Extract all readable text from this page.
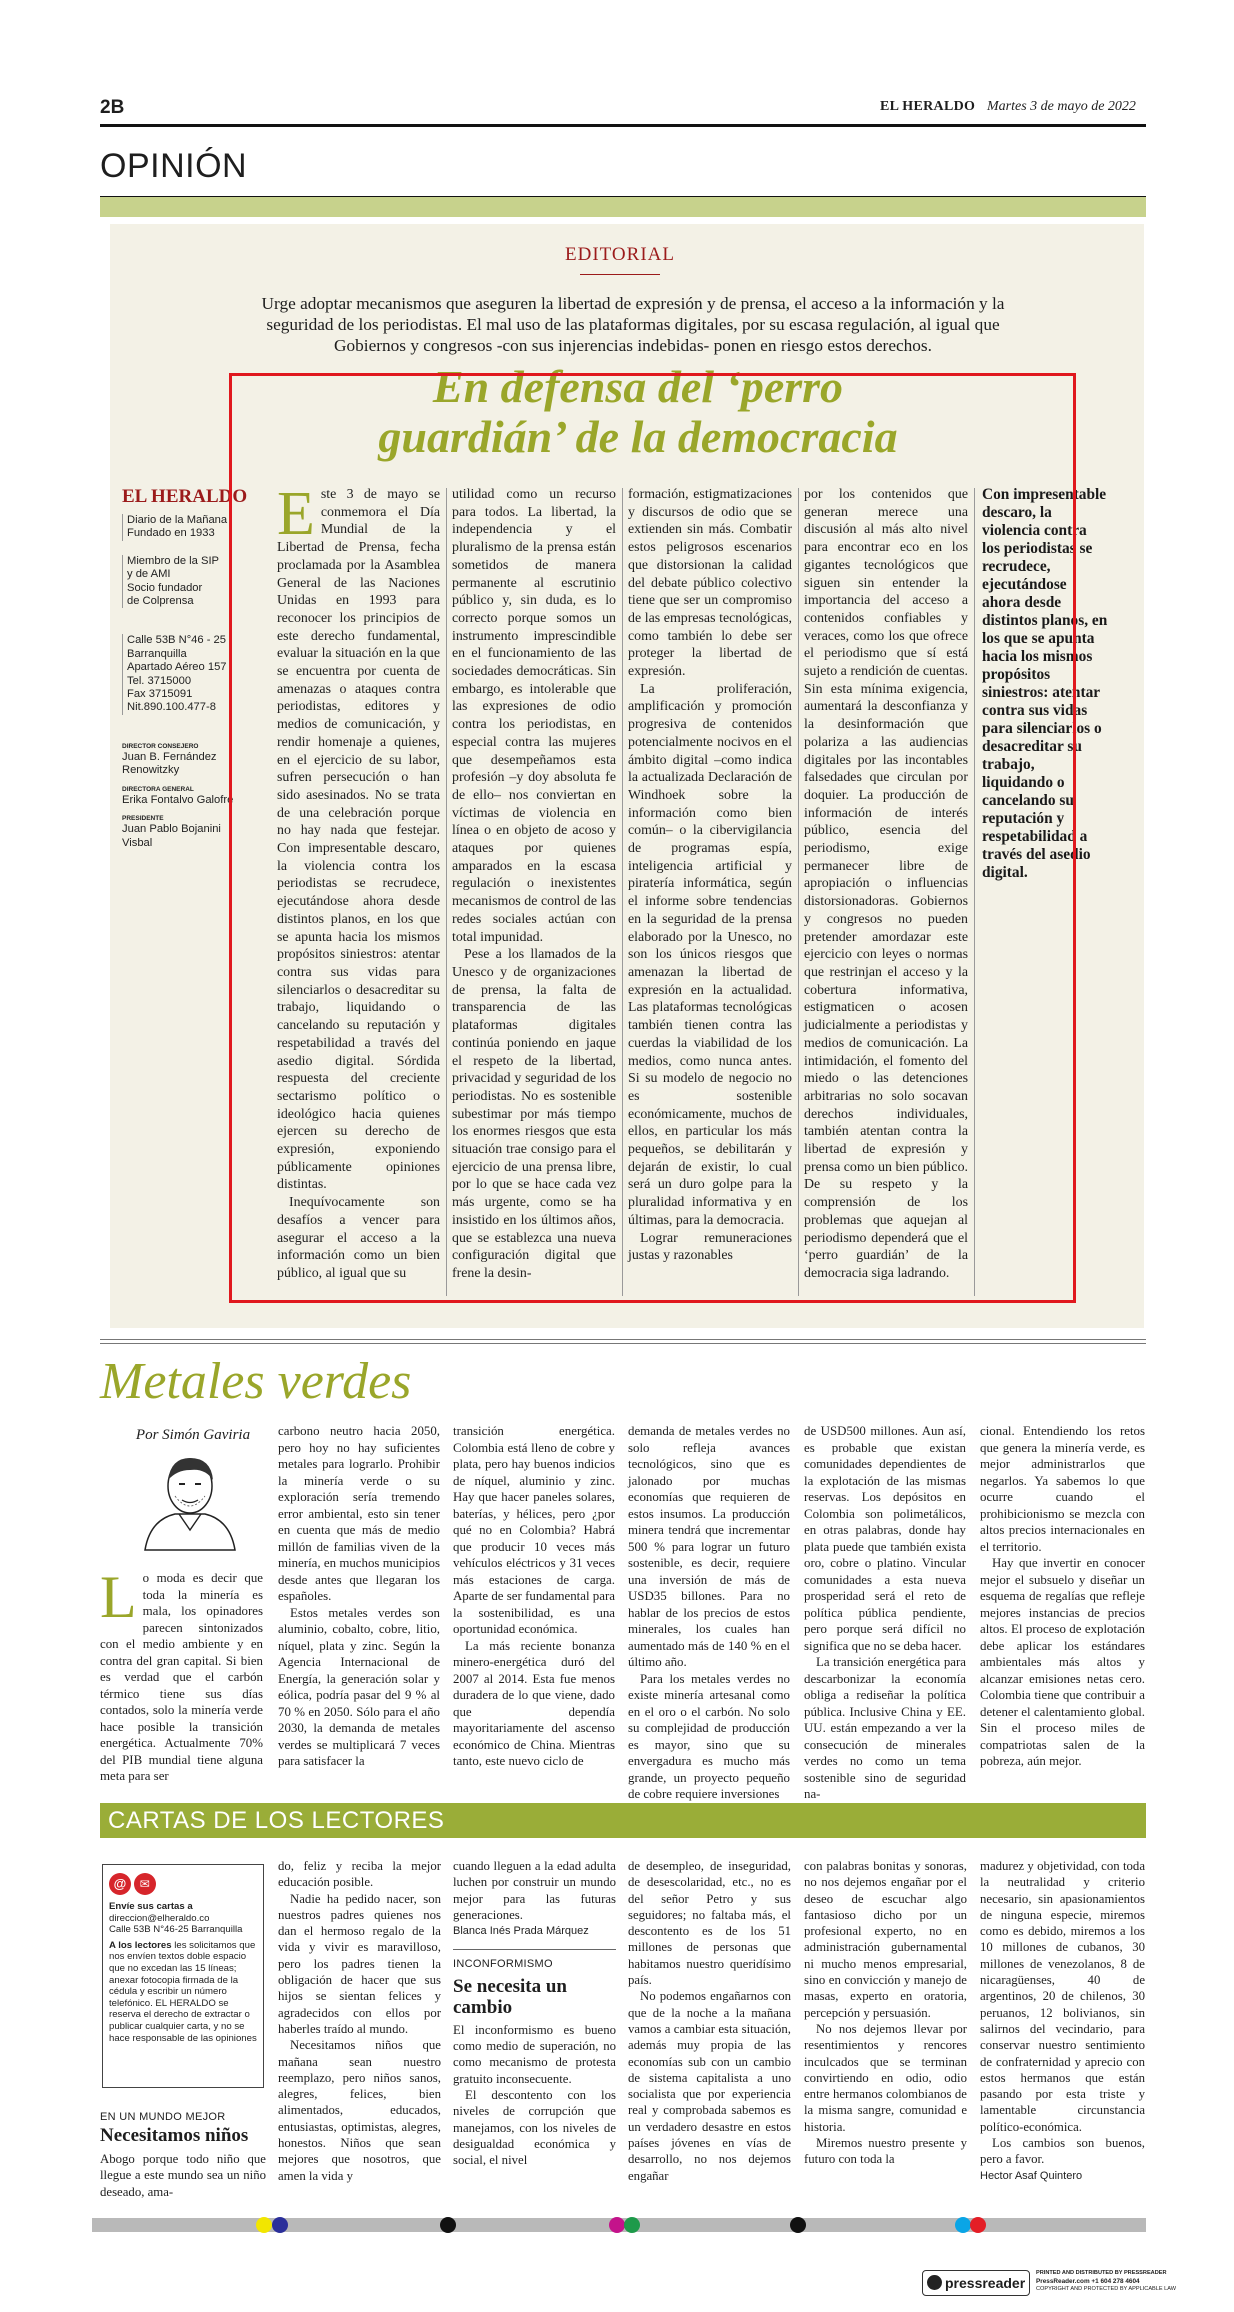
2B	EL HERALDO Martes 3 de mayo de 2022
OPINIÓN
EDITORIAL
Urge adoptar mecanismos que aseguren la libertad de expresión y de prensa, el acceso a la información y la seguridad de los periodistas. El mal uso de las plataformas digitales, por su escasa regulación, al igual que Gobiernos y congresos -con sus injerencias indebidas- ponen en riesgo estos derechos.
En defensa del ‘perro
guardián’ de la democracia
EL HERALDO
Diario de la Mañana
Fundado en 1933
Miembro de la SIP
y de AMI
Socio fundador
de Colprensa
Calle 53B N°46 - 25
Barranquilla
Apartado Aéreo 157
Tel. 3715000
Fax 3715091
Nit.890.100.477-8
DIRECTOR CONSEJERO
Juan B. Fernández
Renowitzky
DIRECTORA GENERAL
Erika Fontalvo Galofre
PRESIDENTE
Juan Pablo Bojanini
Visbal

Este 3 de mayo se conmemora el Día Mundial de la Libertad de Prensa, fecha proclamada por la Asamblea General de las Naciones Unidas en 1993 para reconocer los principios de este derecho fundamental, evaluar la situación en la que se encuentra por cuenta de amenazas o ataques contra periodistas, editores y medios de comunicación, y rendir homenaje a quienes, en el ejercicio de su labor, sufren persecución o han sido asesinados. No se trata de una celebración porque no hay nada que festejar. Con impresentable descaro, la violencia contra los periodistas se recrudece, ejecutándose ahora desde distintos planos, en los que se apunta hacia los mismos propósitos siniestros: atentar contra sus vidas para silenciarlos o desacreditar su trabajo, liquidando o cancelando su reputación y respetabilidad a través del asedio digital. Sórdida respuesta del creciente sectarismo político o ideológico hacia quienes ejercen su derecho de expresión, exponiendo públicamente opiniones distintas.

Inequívocamente son desafíos a vencer para asegurar el acceso a la información como un bien público, al igual que su

utilidad como un recurso para todos. La libertad, la independencia y el pluralismo de la prensa están sometidos de manera permanente al escrutinio público y, sin duda, es lo correcto porque somos un instrumento imprescindible en el funcionamiento de las sociedades democráticas. Sin embargo, es intolerable que las expresiones de odio contra los periodistas, en especial contra las mujeres que desempeñamos esta profesión –y doy absoluta fe de ello– nos conviertan en víctimas de violencia en línea o en objeto de acoso y ataques por quienes amparados en la escasa regulación o inexistentes mecanismos de control de las redes sociales actúan con total impunidad.

Pese a los llamados de la Unesco y de organizaciones de prensa, la falta de transparencia de las plataformas digitales continúa poniendo en jaque el respeto de la libertad, privacidad y seguridad de los periodistas. No es sostenible subestimar por más tiempo los enormes riesgos que esta situación trae consigo para el ejercicio de una prensa libre, por lo que se hace cada vez más urgente, como se ha insistido en los últimos años, que se establezca una nueva configuración digital que frene la desin-

formación, estigmatizaciones y discursos de odio que se extienden sin más. Combatir estos peligrosos escenarios que distorsionan la calidad del debate público colectivo tiene que ser un compromiso de las empresas tecnológicas, como también lo debe ser proteger la libertad de expresión.

La proliferación, amplificación y promoción progresiva de contenidos potencialmente nocivos en el ámbito digital –como indica la actualizada Declaración de Windhoek sobre la información como bien común– o la cibervigilancia de programas espía, inteligencia artificial y piratería informática, según el informe sobre tendencias en la seguridad de la prensa elaborado por la Unesco, no son los únicos riesgos que amenazan la libertad de expresión en la actualidad. Las plataformas tecnológicas también tienen contra las cuerdas la viabilidad de los medios, como nunca antes. Si su modelo de negocio no es sostenible económicamente, muchos de ellos, en particular los más pequeños, se debilitarán y dejarán de existir, lo cual será un duro golpe para la pluralidad informativa y en últimas, para la democracia.

Lograr remuneraciones justas y razonables

por los contenidos que generan merece una discusión al más alto nivel para encontrar eco en los gigantes tecnológicos que siguen sin entender la importancia del acceso a contenidos confiables y veraces, como los que ofrece el periodismo que sí está sujeto a rendición de cuentas. Sin esta mínima exigencia, aumentará la desconfianza y la desinformación que polariza a las audiencias digitales por las incontables falsedades que circulan por doquier. La producción de información de interés público, esencia del periodismo, exige permanecer libre de apropiación o influencias distorsionadoras. Gobiernos y congresos no pueden pretender amordazar este ejercicio con leyes o normas que restrinjan el acceso y la cobertura informativa, estigmaticen o acosen judicialmente a periodistas y medios de comunicación. La intimidación, el fomento del miedo o las detenciones arbitrarias no solo socavan derechos individuales, también atentan contra la libertad de expresión y prensa como un bien público. De su respeto y la comprensión de los problemas que aquejan al periodismo dependerá que el ‘perro guardián’ de la democracia siga ladrando.

Con impresentable descaro, la violencia contra los periodistas se recrudece, ejecutándose ahora desde distintos planos, en los que se apunta hacia los mismos propósitos siniestros: atentar contra sus vidas para silenciarlos o desacreditar su trabajo, liquidando o cancelando su reputación y respetabilidad a través del asedio digital.
Metales verdes
Por Simón Gaviria

Lo moda es decir que toda la minería es mala, los opinadores parecen sintonizados con el medio ambiente y en contra del gran capital. Si bien es verdad que el carbón térmico tiene sus días contados, solo la minería verde hace posible la transición energética. Actualmente 70% del PIB mundial tiene alguna meta para ser

carbono neutro hacia 2050, pero hoy no hay suficientes metales para lograrlo. Prohibir la minería verde o su exploración sería tremendo error ambiental, esto sin tener en cuenta que más de medio millón de familias viven de la minería, en muchos municipios desde antes que llegaran los españoles.

Estos metales verdes son aluminio, cobalto, cobre, litio, níquel, plata y zinc. Según la Agencia Internacional de Energía, la generación solar y eólica, podría pasar del 9 % al 70 % en 2050. Sólo para el año 2030, la demanda de metales verdes se multiplicará 7 veces para satisfacer la

transición energética. Colombia está lleno de cobre y plata, pero hay buenos indicios de níquel, aluminio y zinc. Hay que hacer paneles solares, baterías, y hélices, pero ¿por qué no en Colombia? Habrá que producir 10 veces más vehículos eléctricos y 31 veces más estaciones de carga. Aparte de ser fundamental para la sostenibilidad, es una oportunidad económica.

La más reciente bonanza minero-energética duró del 2007 al 2014. Esta fue menos duradera de lo que viene, dado que dependía mayoritariamente del ascenso económico de China. Mientras tanto, este nuevo ciclo de

demanda de metales verdes no solo refleja avances tecnológicos, sino que es jalonado por muchas economías que requieren de estos insumos. La producción minera tendrá que incrementar 500 % para lograr un futuro sostenible, es decir, requiere una inversión de más de USD35 billones. Para no hablar de los precios de estos minerales, los cuales han aumentado más de 140 % en el último año.

Para los metales verdes no existe minería artesanal como en el oro o el carbón. No solo su complejidad de producción es mayor, sino que su envergadura es mucho más grande, un proyecto pequeño de cobre requiere inversiones

de USD500 millones. Aun así, es probable que existan comunidades dependientes de la explotación de las mismas reservas. Los depósitos en Colombia son polimetálicos, en otras palabras, donde hay plata puede que también exista oro, cobre o platino. Vincular comunidades a esta nueva prosperidad será el reto de política pública pendiente, pero porque será difícil no significa que no se deba hacer.

La transición energética para descarbonizar la economía obliga a rediseñar la política pública. Inclusive China y EE. UU. están empezando a ver la consecución de minerales verdes no como un tema sostenible sino de seguridad na-

cional. Entendiendo los retos que genera la minería verde, es mejor administrarlos que negarlos. Ya sabemos lo que ocurre cuando el prohibicionismo se mezcla con altos precios internacionales en el territorio.

Hay que invertir en conocer mejor el subsuelo y diseñar un esquema de regalías que refleje mejores instancias de precios altos. El proceso de explotación debe aplicar los estándares ambientales más altos y alcanzar emisiones netas cero. Colombia tiene que contribuir a detener el calentamiento global. Sin el proceso miles de compatriotas salen de la pobreza, aún mejor.

CARTAS DE LOS LECTORES
@ ✉
Envíe sus cartas a
direccion@elheraldo.co
Calle 53B N°46-25 Barranquilla
A los lectores les solicitamos que nos envíen textos doble espacio que no excedan las 15 líneas; anexar fotocopia firmada de la cédula y escribir un número telefónico. EL HERALDO se reserva el derecho de extractar o publicar cualquier carta, y no se hace responsable de las opiniones
EN UN MUNDO MEJOR
Necesitamos niños

Abogo porque todo niño que llegue a este mundo sea un niño deseado, ama-

do, feliz y reciba la mejor educación posible.

Nadie ha pedido nacer, son nuestros padres quienes nos dan el hermoso regalo de la vida y vivir es maravilloso, pero los padres tienen la obligación de hacer que sus hijos se sientan felices y agradecidos con ellos por haberles traído al mundo.

Necesitamos niños que mañana sean nuestro reemplazo, pero niños sanos, alegres, felices, bien alimentados, educados, entusiastas, optimistas, alegres, honestos. Niños que sean mejores que nosotros, que amen la vida y

cuando lleguen a la edad adulta luchen por construir un mundo mejor para las futuras generaciones.

Blanca Inés Prada Márquez

INCONFORMISMO
Se necesita un cambio

El inconformismo es bueno como medio de superación, no como mecanismo de protesta gratuito inconsecuente.

El descontento con los niveles de corrupción que manejamos, con los niveles de desigualdad económica y social, el nivel

de desempleo, de inseguridad, de desescolaridad, etc., no es del señor Petro y sus seguidores; no faltaba más, el descontento es de los 51 millones de personas que habitamos nuestro queridísimo país.

No podemos engañarnos con que de la noche a la mañana vamos a cambiar esta situación, además muy propia de las economías sub con un cambio de sistema capitalista a uno socialista que por experiencia real y comprobada sabemos es un verdadero desastre en estos países jóvenes en vías de desarrollo, no nos dejemos engañar

con palabras bonitas y sonoras, no nos dejemos engañar por el deseo de escuchar algo fantasioso dicho por un profesional experto, no en administración gubernamental ni mucho menos empresarial, sino en convicción y manejo de masas, experto en oratoria, percepción y persuasión.

No nos dejemos llevar por resentimientos y rencores inculcados que se terminan convirtiendo en odio, odio entre hermanos colombianos de la misma sangre, comunidad e historia.

Miremos nuestro presente y futuro con toda la

madurez y objetividad, con toda la neutralidad y criterio necesario, sin apasionamientos de ninguna especie, miremos como es debido, miremos a los 10 millones de cubanos, 30 millones de venezolanos, 8 de nicaragüenses, 40 de argentinos, 20 de chilenos, 30 peruanos, 12 bolivianos, sin salirnos del vecindario, para conservar nuestro sentimiento de confraternidad y aprecio con estos hermanos que están pasando por esta triste y lamentable circunstancia político-económica.

Los cambios son buenos, pero a favor.

Hector Asaf Quintero

pressreader
PRINTED AND DISTRIBUTED BY PRESSREADER
PressReader.com +1 604 278 4604
COPYRIGHT AND PROTECTED BY APPLICABLE LAW
